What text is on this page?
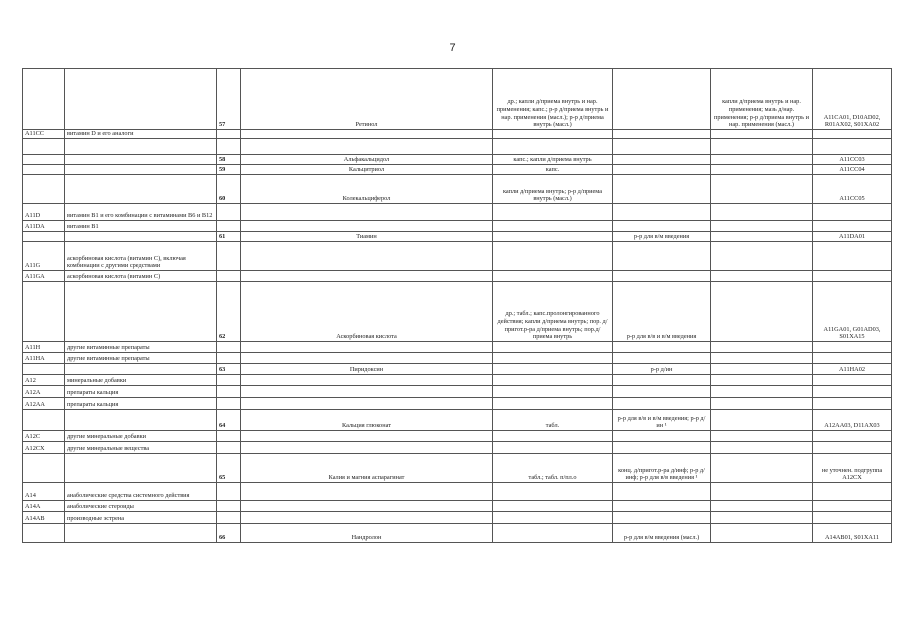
7
		57	Ретинол	др.; капли д/приема внутрь и нар. применения; капс.; р-р д/приема внутрь и нар. применения (масл.); р-р д/приема внутрь (масл.)		капли д/приема внутрь и нар. применения; мазь д/нар. применения; р-р д/приема внутрь и нар. применения (масл.)	A11CA01, D10AD02, R01AX02, S01XA02
A11CC	витамин D и его аналоги						

		58	Альфакальцидол	капс.; капли д/приема внутрь			A11CC03
		59	Кальцитриол	капс.			A11CC04
		60	Колекальциферол	капли д/приема внутрь; р-р д/приема внутрь (масл.)			A11CC05
A11D	витамин B1 и его комбинации с витаминами B6 и B12						
A11DA	витамин B1						
		61	Тиамин		р-р для в/м введения		A11DA01
A11G	аскорбиновая кислота (витамин C), включая комбинации с другими средствами						
A11GA	аскорбиновая кислота (витамин C)						
		62	Аскорбиновая кислота	др.; табл.; капс.пролонгированного действия; капли д/приема внутрь; пор. д/пригот.р-ра д/приема внутрь; пор.д/приема внутрь	р-р для в/в и в/м введения		A11GA01, G01AD03, S01XA15
A11H	другие витаминные препараты						
A11HA	другие витаминные препараты						
		63	Пиридоксин		р-р д/ин		A11HA02
A12	минеральные добавки						
A12A	препараты кальция						
A12AA	препараты кальция						
		64	Кальция глюконат	табл.	р-р для в/в и в/м введения; р-р д/ин ¹		A12AA03, D11AX03
A12C	другие минеральные добавки						
A12CX	другие минеральные вещества						
		65	Калия и магния аспарагинат	табл.; табл. п/пл.о	конц. д/пригот.р-ра д/инф; р-р д/инф; р-р для в/в введения ¹		не уточнен. подгруппа A12CX
A14	анаболические средства системного действия						
A14A	анаболические стероиды						
A14AB	производные эстрена						
		66	Нандролон		р-р для в/м введения (масл.)		A14AB01, S01XA11
